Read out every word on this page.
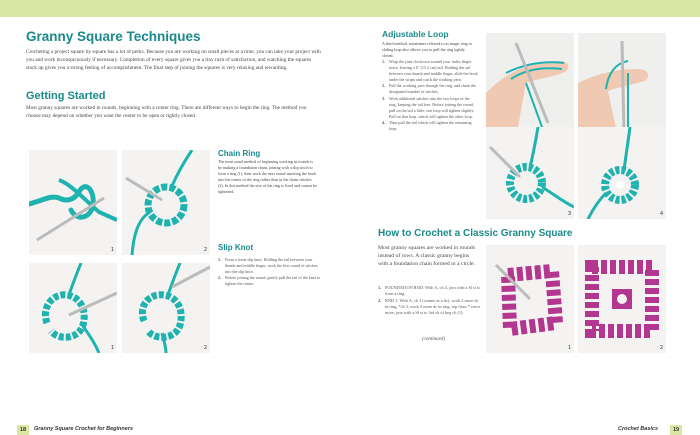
Granny Square Techniques

Crocheting a project square by square has a lot of perks. Because you are working on small pieces at a time, you can take your project with you and work inconspicuously if necessary. Completion of every square gives you a tiny rush of satisfaction, and watching the squares stack up gives you a strong feeling of accomplishment. The final step of joining the squares is very relaxing and rewarding.

Getting Started

Most granny squares are worked in rounds, beginning with a center ring. There are different ways to begin the ring. The method you choose may depend on whether you want the center to be open or tightly closed.

1	2
Chain Ring

The most usual method of beginning working in rounds is by making a foundation chain, joining with a slip stitch to form a ring (1), then work the next round inserting the hook into the center of the ring rather than in the chain stitches (2). In this method the size of the ring is fixed and cannot be tightened.

1	2
Slip Knot
1. Form a loose slip knot. Holding the tail between your thumb and middle finger, work the first round of stitches into the slip knot.
2. Before joining the round, gently pull the tail of the knot to tighten the center.
18	Granny Square Crochet for Beginners
Adjustable Loop

A third method, sometimes referred to as magic ring or sliding loop also allows you to pull the ring tightly closed.

1. Wrap the yarn clockwise around your index finger twice, leaving a 6" (15.2 cm) tail. Holding the tail between your thumb and middle finger, slide the hook under the wraps and catch the working yarn.
2. Pull the working yarn through the ring, and chain the designated number of stitches.
3. Work additional stitches into the two loops of the ring, keeping the tail free. Before joining the round, pull on the tail a little; one loop will tighten slightly. Pull on that loop, which will tighten the other loop.
4. Then pull the tail which will tighten the remaining loop.
3	4
How to Crochet a Classic Granny Square

Most granny squares are worked in rounds instead of rows. A classic granny begins with a foundation chain formed in a circle.

1. FOUNDATION RND: With A, ch 4, join with a Sl st to form a ring.
2. RND 1: With A, ch 3 (counts as a dc), work 2 more dc in ring, *ch 3, work 3 more dc in ring, rep from * twice more, join with a Sl st to 3rd ch of beg ch (1).
(continued)
1	2
Crochet Basics	19
